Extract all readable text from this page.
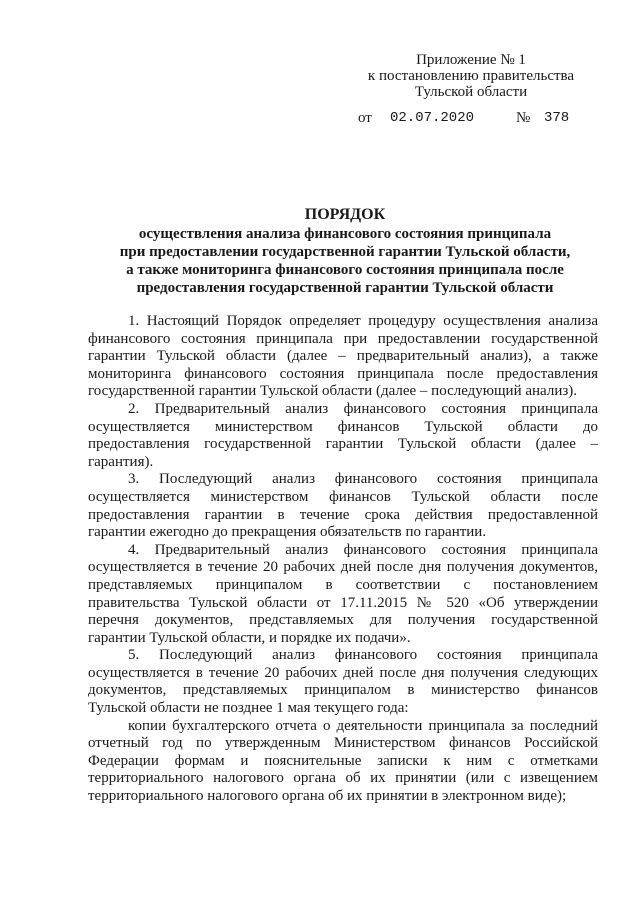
Приложение № 1
к постановлению правительства
Тульской области
от 02.07.2020	№ 378
ПОРЯДОК
осуществления анализа финансового состояния принципала
при предоставлении государственной гарантии Тульской области,
а также мониторинга финансового состояния принципала после
предоставления государственной гарантии Тульской области
1. Настоящий Порядок определяет процедуру осуществления анализа
финансового состояния принципала при предоставлении государственной
гарантии Тульской области (далее – предварительный анализ), а также
мониторинга финансового состояния принципала после предоставления
государственной гарантии Тульской области (далее – последующий анализ).
2. Предварительный анализ финансового состояния принципала
осуществляется министерством финансов Тульской области до
предоставления государственной гарантии Тульской области (далее –
гарантия).
3. Последующий анализ финансового состояния принципала
осуществляется министерством финансов Тульской области после
предоставления гарантии в течение срока действия предоставленной
гарантии ежегодно до прекращения обязательств по гарантии.
4. Предварительный анализ финансового состояния принципала
осуществляется в течение 20 рабочих дней после дня получения документов,
представляемых принципалом в соответствии с постановлением
правительства Тульской области от 17.11.2015 № 520 «Об утверждении
перечня документов, представляемых для получения государственной
гарантии Тульской области, и порядке их подачи».
5. Последующий анализ финансового состояния принципала
осуществляется в течение 20 рабочих дней после дня получения следующих
документов, представляемых принципалом в министерство финансов
Тульской области не позднее 1 мая текущего года:
копии бухгалтерского отчета о деятельности принципала за последний
отчетный год по утвержденным Министерством финансов Российской
Федерации формам и пояснительные записки к ним с отметками
территориального налогового органа об их принятии (или с извещением
территориального налогового органа об их принятии в электронном виде);
